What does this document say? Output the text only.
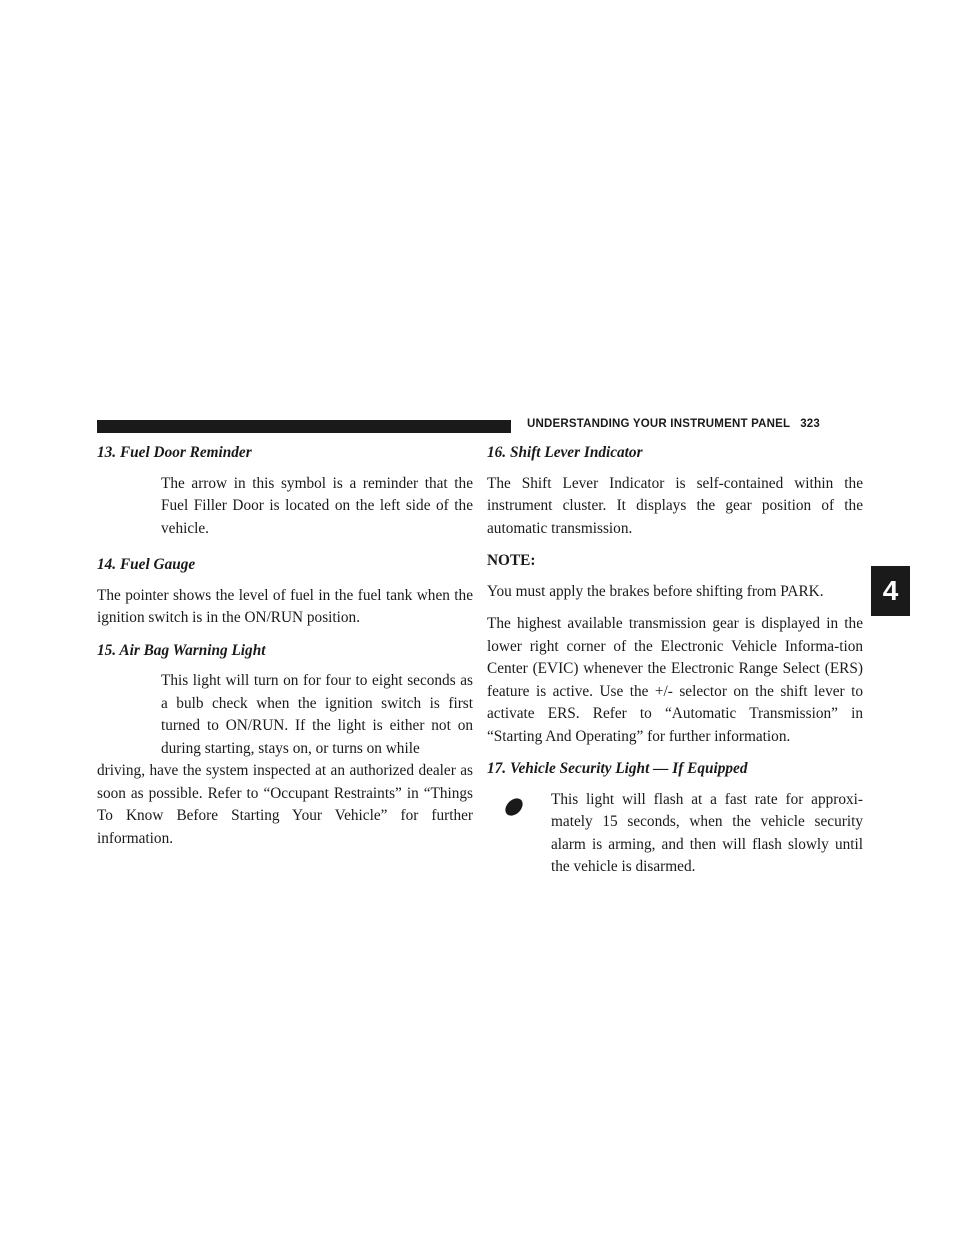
UNDERSTANDING YOUR INSTRUMENT PANEL 323
4
13. Fuel Door Reminder
The arrow in this symbol is a reminder that the Fuel Filler Door is located on the left side of the vehicle.
14. Fuel Gauge
The pointer shows the level of fuel in the fuel tank when the ignition switch is in the ON/RUN position.
15. Air Bag Warning Light
This light will turn on for four to eight seconds as a bulb check when the ignition switch is first turned to ON/RUN. If the light is either not on during starting, stays on, or turns on while
driving, have the system inspected at an authorized dealer as soon as possible. Refer to “Occupant Restraints” in “Things To Know Before Starting Your Vehicle” for further information.
16. Shift Lever Indicator
The Shift Lever Indicator is self-contained within the instrument cluster. It displays the gear position of the automatic transmission.
NOTE:
You must apply the brakes before shifting from PARK.
The highest available transmission gear is displayed in the lower right corner of the Electronic Vehicle Informa-tion Center (EVIC) whenever the Electronic Range Select (ERS) feature is active. Use the +/- selector on the shift lever to activate ERS. Refer to “Automatic Transmission” in “Starting And Operating” for further information.
17. Vehicle Security Light — If Equipped
This light will flash at a fast rate for approxi-mately 15 seconds, when the vehicle security alarm is arming, and then will flash slowly until the vehicle is disarmed.
